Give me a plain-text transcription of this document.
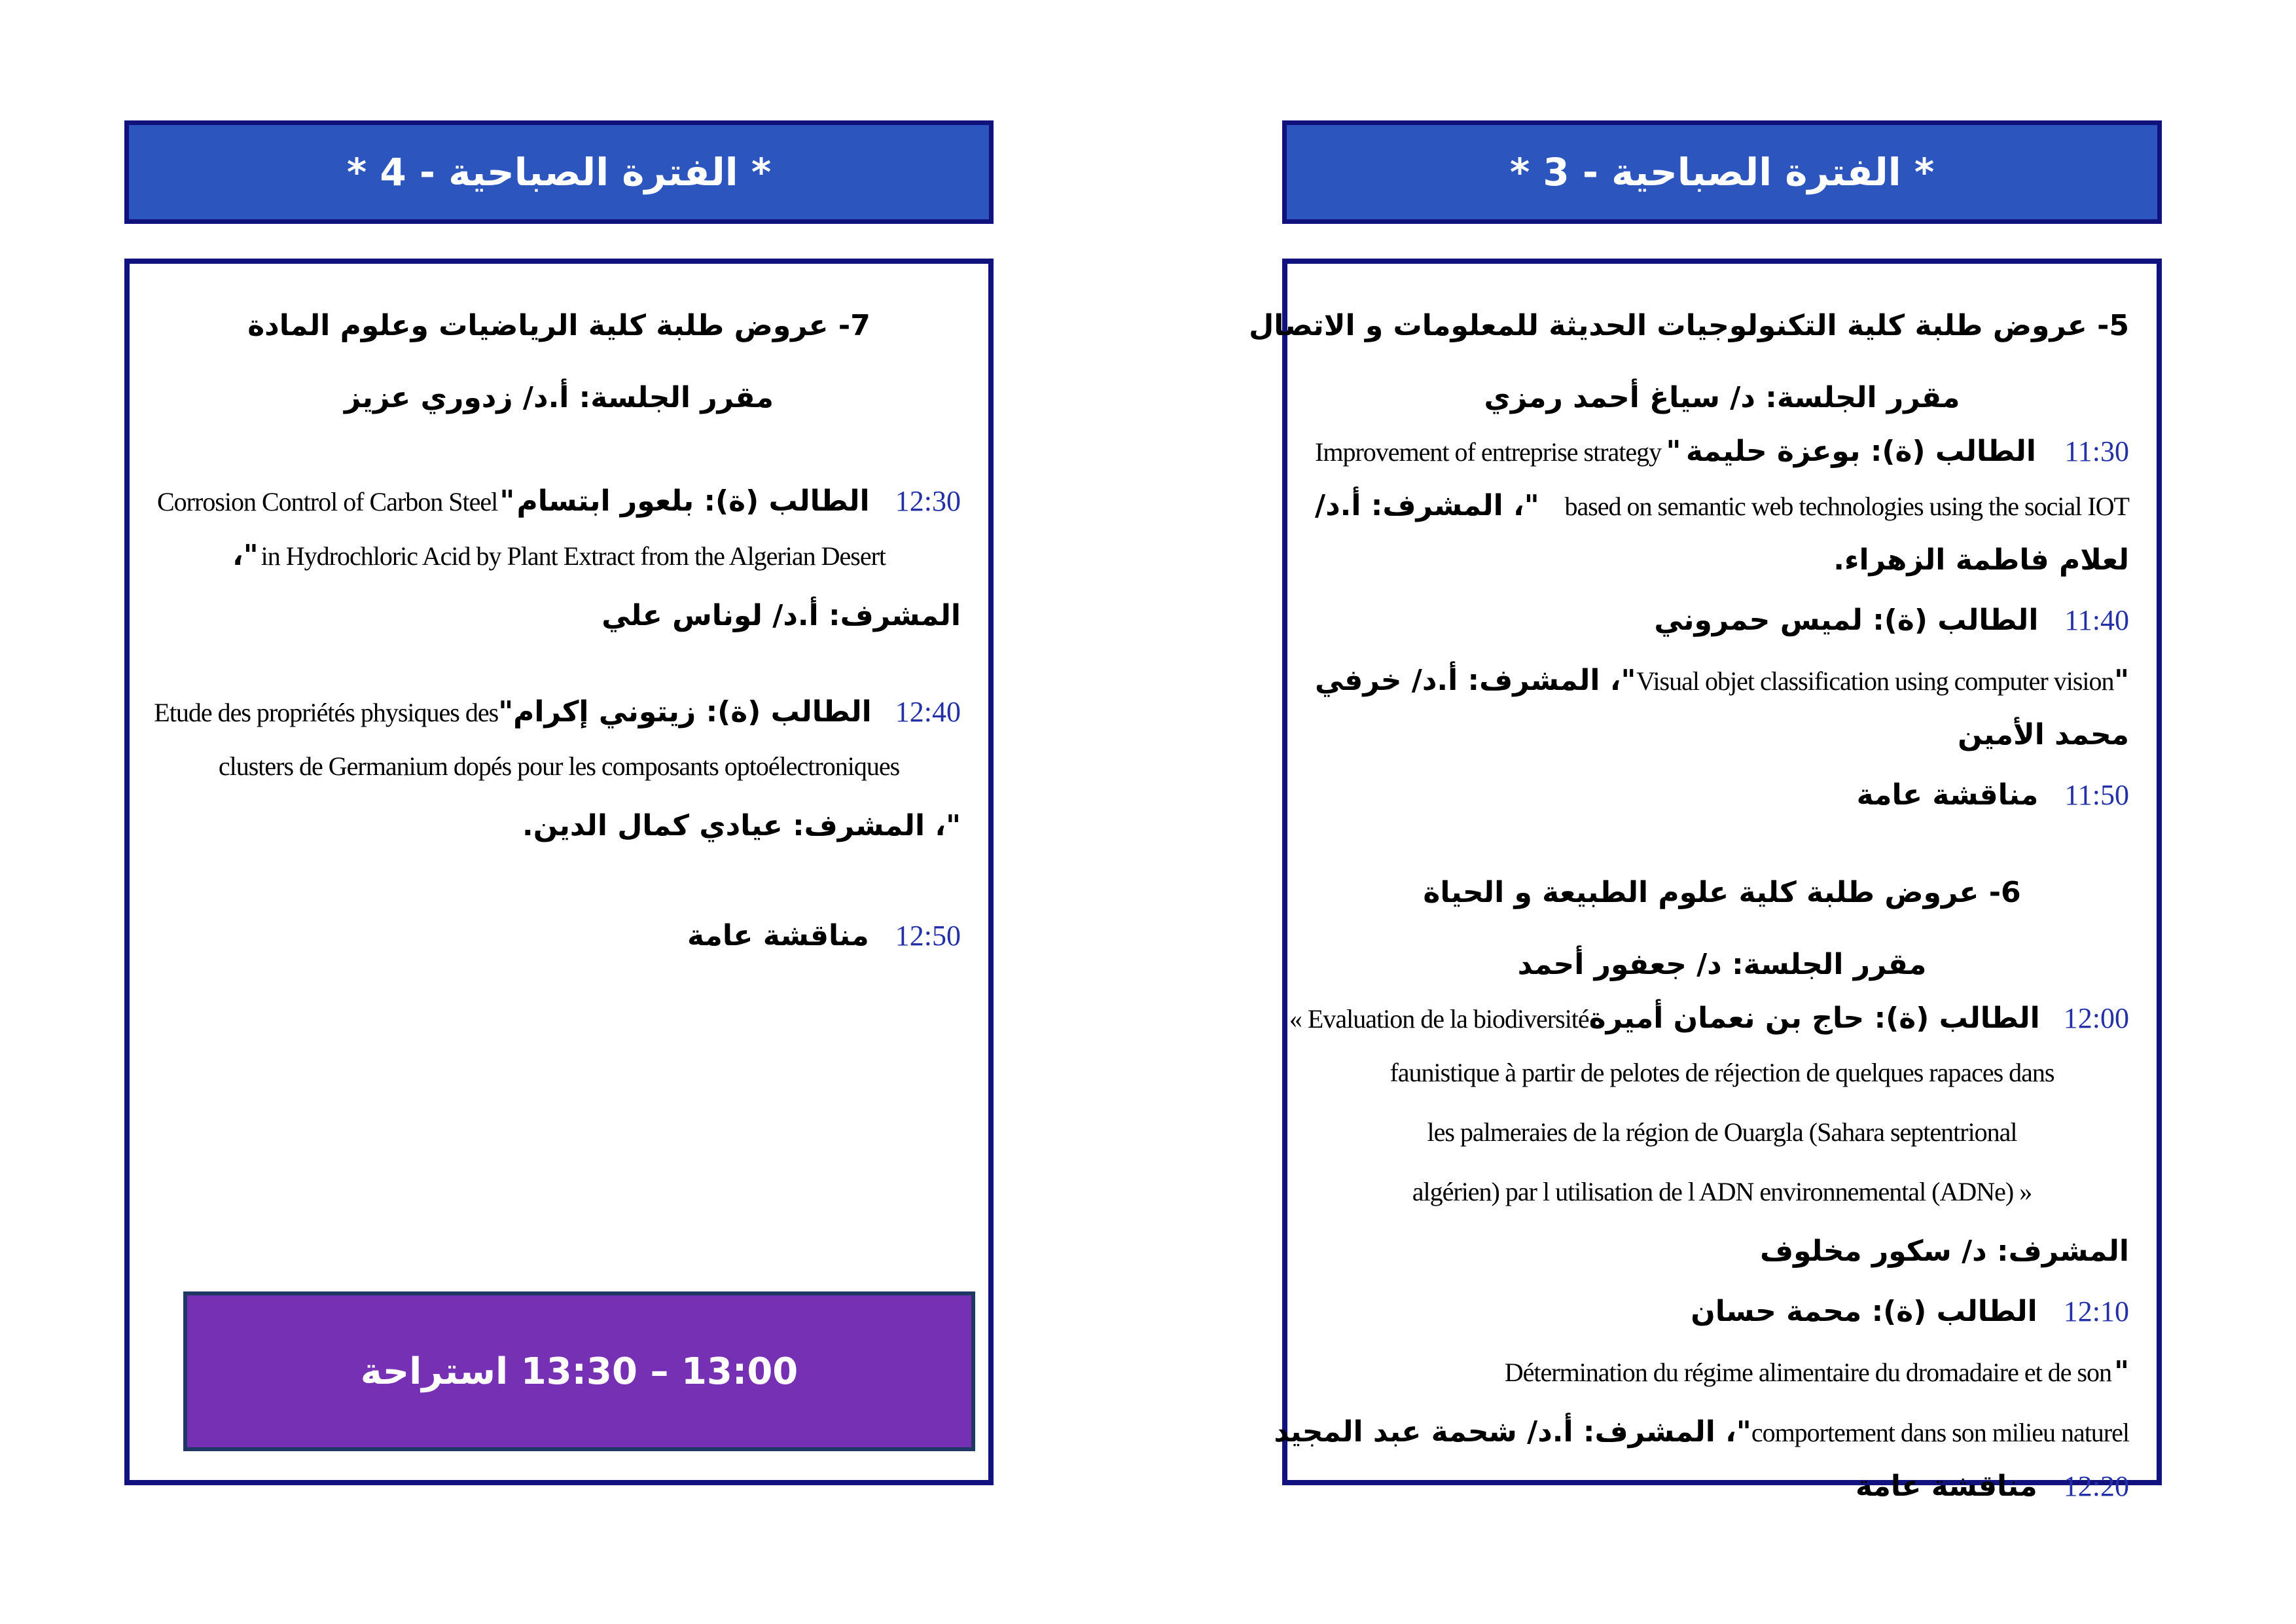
* الفترة الصباحية - 4 *
7- عروض طلبة كلية الرياضيات وعلوم المادة
مقرر الجلسة: أ.د/ زدوري عزيز
12:30
الطالب (ة): بلعور ابتسام
"
Corrosion Control of Carbon Steel
in Hydrochloric Acid by Plant Extract from the Algerian Desert "،
المشرف: أ.د/ لوناس علي
12:40
الطالب (ة): زيتوني إكرام
"
Etude des propriétés physiques des
clusters de Germanium dopés pour les composants optoélectroniques
"، المشرف: عيادي كمال الدين.
12:50 مناقشة عامة
13:00 – 13:30 استراحة
* الفترة الصباحية - 3 *
5- عروض طلبة كلية التكنولوجيات الحديثة للمعلومات و الاتصال
مقرر الجلسة: د/ سياغ أحمد رمزي
11:30
الطالب (ة): بوعزة حليمة
"
Improvement of entreprise strategy
based on semantic web technologies using the social IOT
"، المشرف: أ.د/
لعلام فاطمة الزهراء.
11:40 الطالب (ة): لميس حمروني
"
Visual objet classification using computer vision
"، المشرف: أ.د/ خرفي
محمد الأمين
11:50 مناقشة عامة
6- عروض طلبة كلية علوم الطبيعة و الحياة
مقرر الجلسة: د/ جعفور أحمد
12:00
الطالب (ة): حاج بن نعمان أميرة
« Evaluation de la biodiversité
faunistique à partir de pelotes de réjection de quelques rapaces dans
les palmeraies de la région de Ouargla (Sahara septentrional
algérien) par l utilisation de l ADN environnemental (ADNe) »
المشرف: د/ سكور مخلوف
12:10 الطالب (ة): محمة حسان
" Détermination du régime alimentaire du dromadaire et de son
comportement dans son milieu naturel
"، المشرف: أ.د/ شحمة عبد المجيد
12:20 مناقشة عامة
